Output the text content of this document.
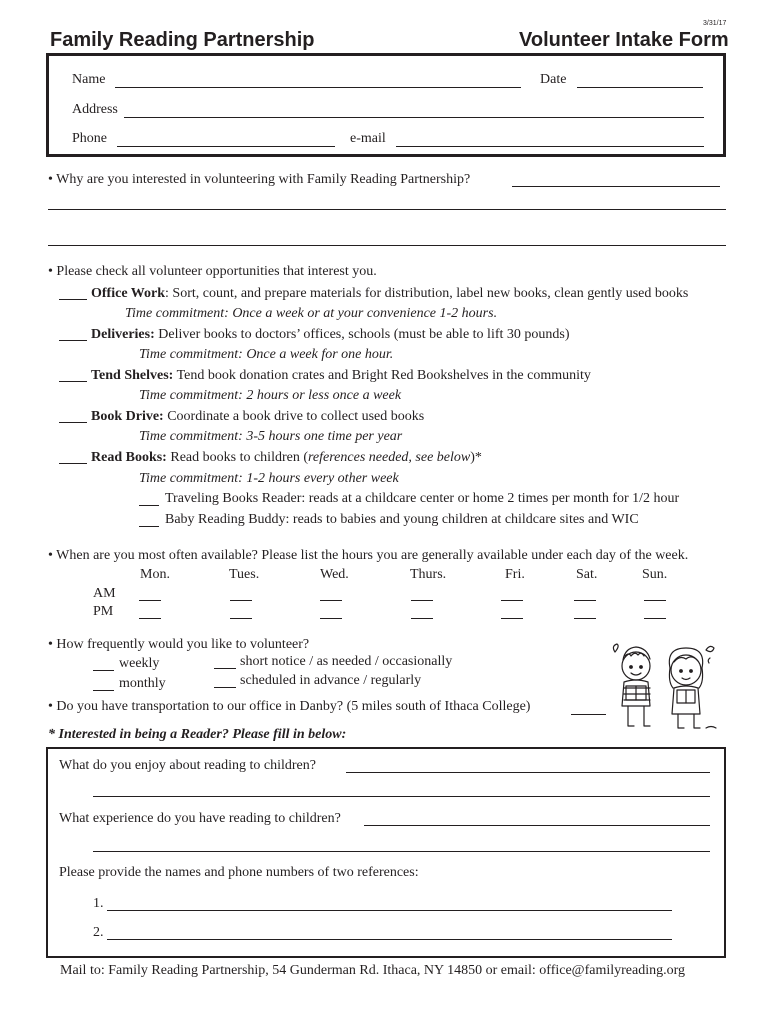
3/31/17
Family Reading Partnership	Volunteer Intake Form
Name	Date
Address
Phone	e-mail
• Why are you interested in volunteering with Family Reading Partnership?
• Please check all volunteer opportunities that interest you.
Office Work: Sort, count, and prepare materials for distribution, label new books, clean gently used books
Time commitment: Once a week or at your convenience 1-2 hours.
Deliveries: Deliver books to doctors’ offices, schools (must be able to lift 30 pounds)
Time commitment: Once a week for one hour.
Tend Shelves: Tend book donation crates and Bright Red Bookshelves in the community
Time commitment: 2 hours or less once a week
Book Drive: Coordinate a book drive to collect used books
Time commitment: 3-5 hours one time per year
Read Books: Read books to children (references needed, see below)*
Time commitment: 1-2 hours every other week
Traveling Books Reader: reads at a childcare center or home 2 times per month for 1/2 hour
Baby Reading Buddy: reads to babies and young children at childcare sites and WIC
• When are you most often available? Please list the hours you are generally available under each day of the week.
Mon.	Tues.	Wed.	Thurs.	Fri.	Sat.	Sun.
AM
PM
• How frequently would you like to volunteer?
weekly
monthly
short notice / as needed / occasionally
scheduled in advance / regularly
• Do you have transportation to our office in Danby? (5 miles south of Ithaca College)
* Interested in being a Reader? Please fill in below:
What do you enjoy about reading to children?
What experience do you have reading to children?
Please provide the names and phone numbers of two references:
1.
2.
Mail to: Family Reading Partnership, 54 Gunderman Rd. Ithaca, NY 14850 or email: office@familyreading.org
